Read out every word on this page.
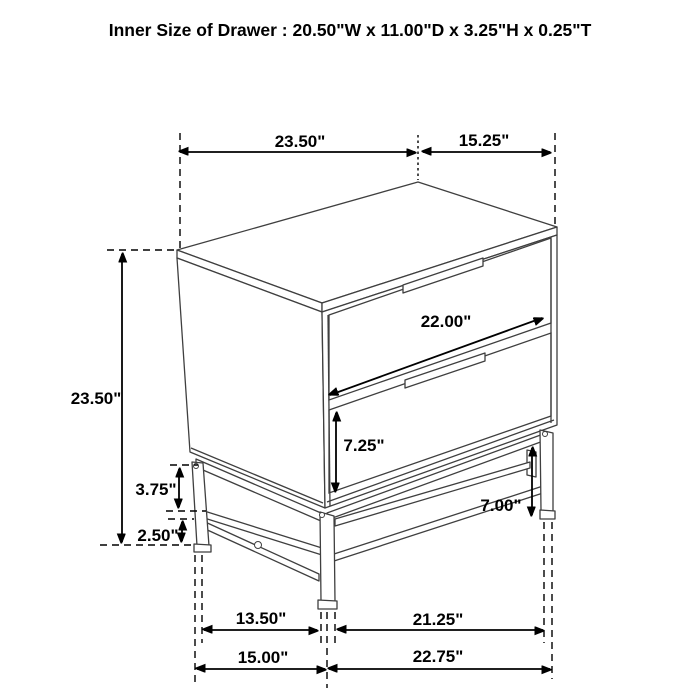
Inner Size of Drawer : 20.50"W x 11.00"D x 3.25"H x 0.25"T
23.50"	15.25"
23.50"
22.00"
7.25"
7.00"
3.75"
2.50"
13.50"	21.25"
15.00"	22.75"
